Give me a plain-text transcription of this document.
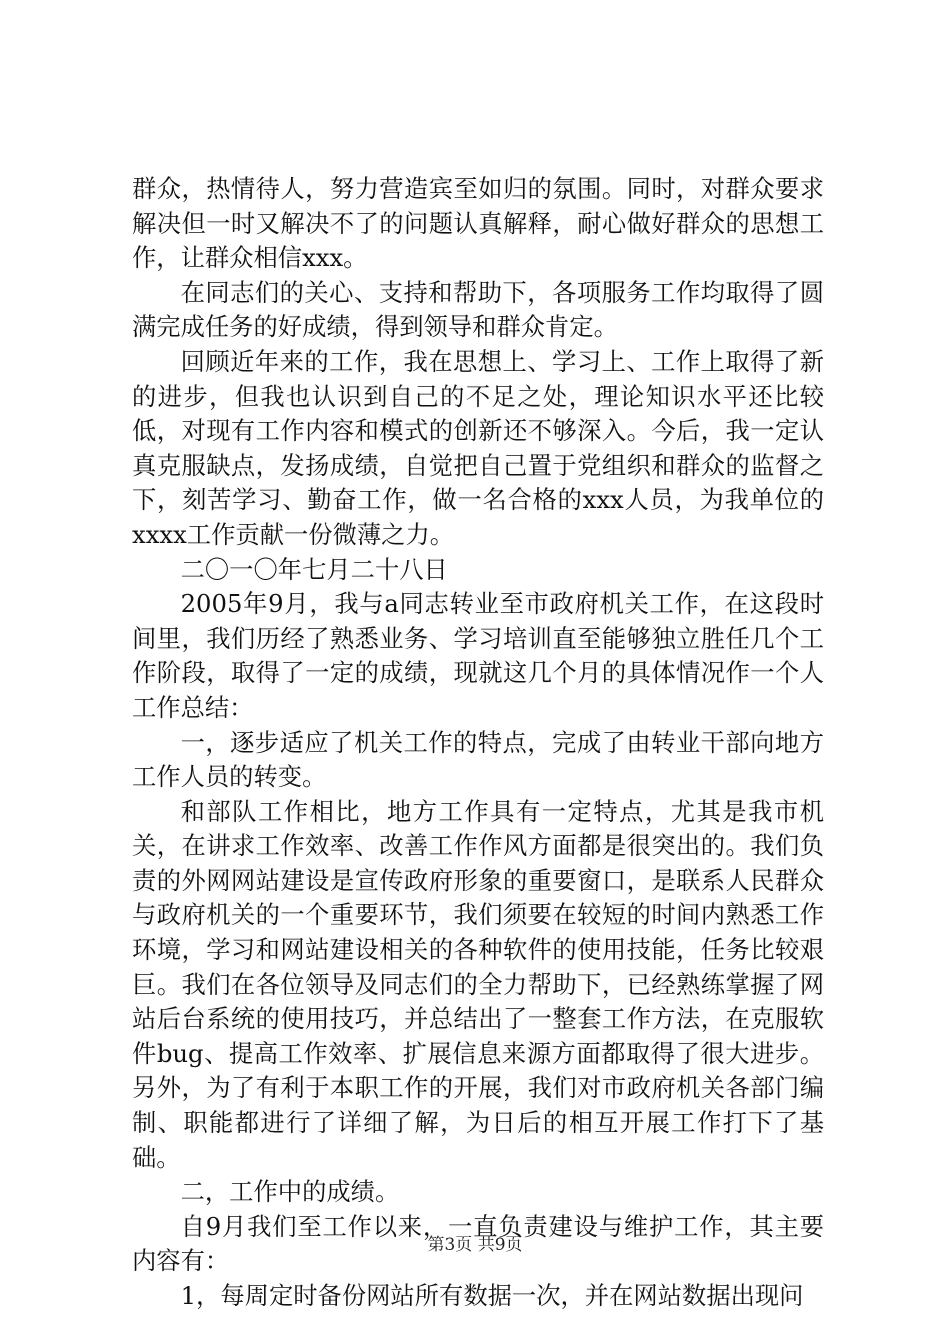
群众，热情待人，努力营造宾至如归的氛围。同时，对群众要求解决但一时又解决不了的问题认真解释，耐心做好群众的思想工作，让群众相信xxx。

在同志们的关心、支持和帮助下，各项服务工作均取得了圆满完成任务的好成绩，得到领导和群众肯定。

回顾近年来的工作，我在思想上、学习上、工作上取得了新的进步，但我也认识到自己的不足之处，理论知识水平还比较低，对现有工作内容和模式的创新还不够深入。今后，我一定认真克服缺点，发扬成绩，自觉把自己置于党组织和群众的监督之下，刻苦学习、勤奋工作，做一名合格的xxx人员，为我单位的xxxx工作贡献一份微薄之力。

二〇一〇年七月二十八日

2005年9月，我与a同志转业至市政府机关工作，在这段时间里，我们历经了熟悉业务、学习培训直至能够独立胜任几个工作阶段，取得了一定的成绩，现就这几个月的具体情况作一个人工作总结：

一，逐步适应了机关工作的特点，完成了由转业干部向地方工作人员的转变。

和部队工作相比，地方工作具有一定特点，尤其是我市机关，在讲求工作效率、改善工作作风方面都是很突出的。我们负责的外网网站建设是宣传政府形象的重要窗口，是联系人民群众与政府机关的一个重要环节，我们须要在较短的时间内熟悉工作环境，学习和网站建设相关的各种软件的使用技能，任务比较艰巨。我们在各位领导及同志们的全力帮助下，已经熟练掌握了网站后台系统的使用技巧，并总结出了一整套工作方法，在克服软件bug、提高工作效率、扩展信息来源方面都取得了很大进步。另外，为了有利于本职工作的开展，我们对市政府机关各部门编制、职能都进行了详细了解，为日后的相互开展工作打下了基础。

二，工作中的成绩。

自9月我们至工作以来，一直负责建设与维护工作，其主要内容有：

1，每周定时备份网站所有数据一次，并在网站数据出现问

第3页 共9页
